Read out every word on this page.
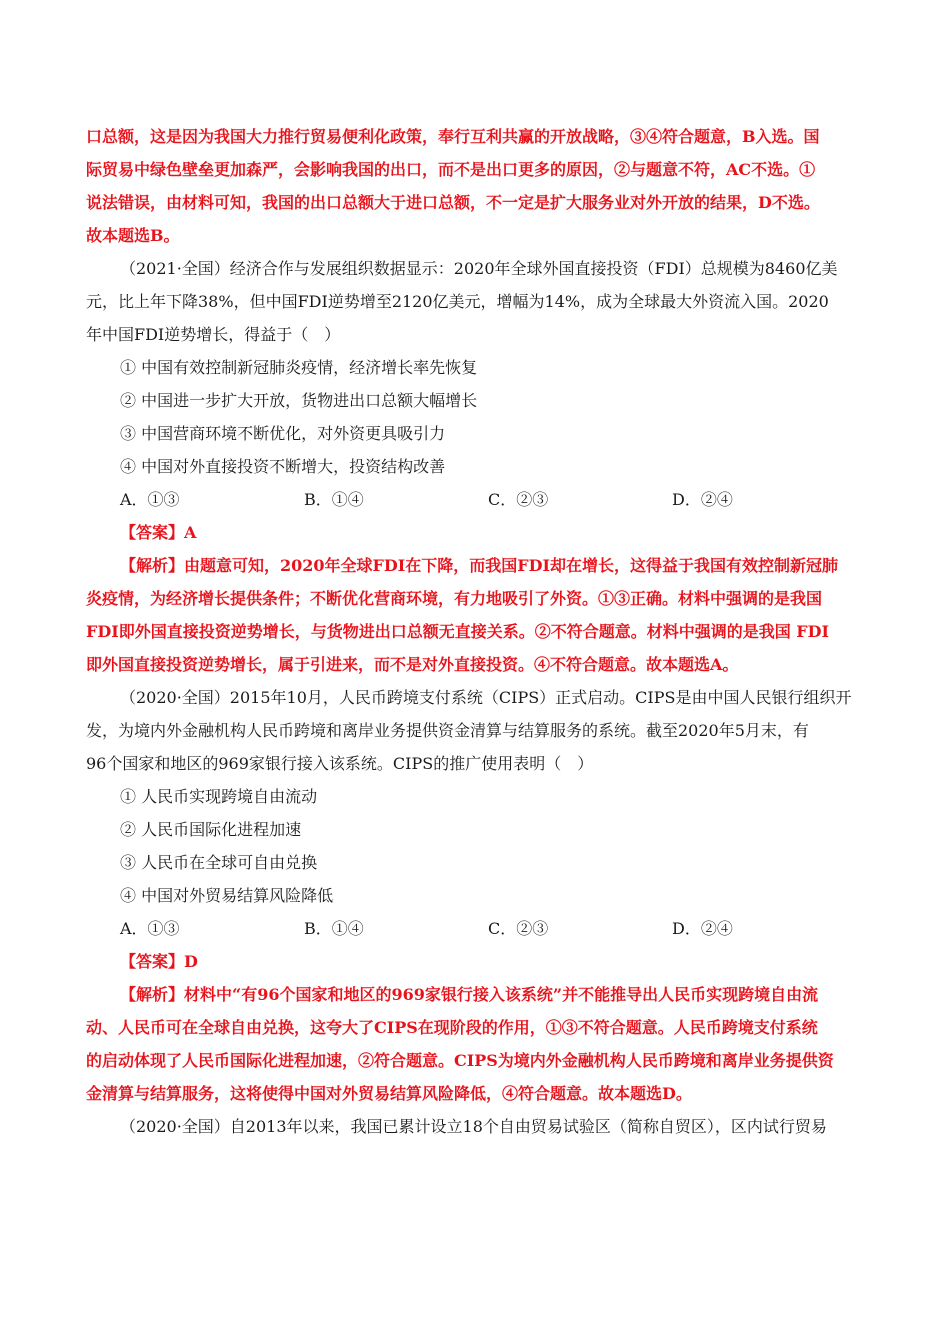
口总额，这是因为我国大力推行贸易便利化政策，奉行互利共赢的开放战略，③④符合题意，B入选。国

际贸易中绿色壁垒更加森严，会影响我国的出口，而不是出口更多的原因，②与题意不符，AC不选。①

说法错误，由材料可知，我国的出口总额大于进口总额，不一定是扩大服务业对外开放的结果，D不选。

故本题选B。

（2021·全国）经济合作与发展组织数据显示：2020年全球外国直接投资（FDI）总规模为8460亿美

元，比上年下降38%，但中国FDI逆势增至2120亿美元，增幅为14%，成为全球最大外资流入国。2020

年中国FDI逆势增长，得益于（　）

① 中国有效控制新冠肺炎疫情，经济增长率先恢复

② 中国进一步扩大开放，货物进出口总额大幅增长

③ 中国营商环境不断优化，对外资更具吸引力

④ 中国对外直接投资不断增大，投资结构改善

A．①③	B．①④	C．②③	D．②④

【答案】A

【解析】由题意可知，2020年全球FDI在下降，而我国FDI却在增长，这得益于我国有效控制新冠肺

炎疫情，为经济增长提供条件；不断优化营商环境，有力地吸引了外资。①③正确。材料中强调的是我国

FDI即外国直接投资逆势增长，与货物进出口总额无直接关系。②不符合题意。材料中强调的是我国 FDI

即外国直接投资逆势增长，属于引进来，而不是对外直接投资。④不符合题意。故本题选A。

（2020·全国）2015年10月，人民币跨境支付系统（CIPS）正式启动。CIPS是由中国人民银行组织开

发，为境内外金融机构人民币跨境和离岸业务提供资金清算与结算服务的系统。截至2020年5月末，有

96个国家和地区的969家银行接入该系统。CIPS的推广使用表明（　）

① 人民币实现跨境自由流动

② 人民币国际化进程加速

③ 人民币在全球可自由兑换

④ 中国对外贸易结算风险降低

A．①③	B．①④	C．②③	D．②④

【答案】D

【解析】材料中“有96个国家和地区的969家银行接入该系统”并不能推导出人民币实现跨境自由流

动、人民币可在全球自由兑换，这夸大了CIPS在现阶段的作用，①③不符合题意。人民币跨境支付系统

的启动体现了人民币国际化进程加速，②符合题意。CIPS为境内外金融机构人民币跨境和离岸业务提供资

金清算与结算服务，这将使得中国对外贸易结算风险降低，④符合题意。故本题选D。

（2020·全国）自2013年以来，我国已累计设立18个自由贸易试验区（简称自贸区），区内试行贸易
